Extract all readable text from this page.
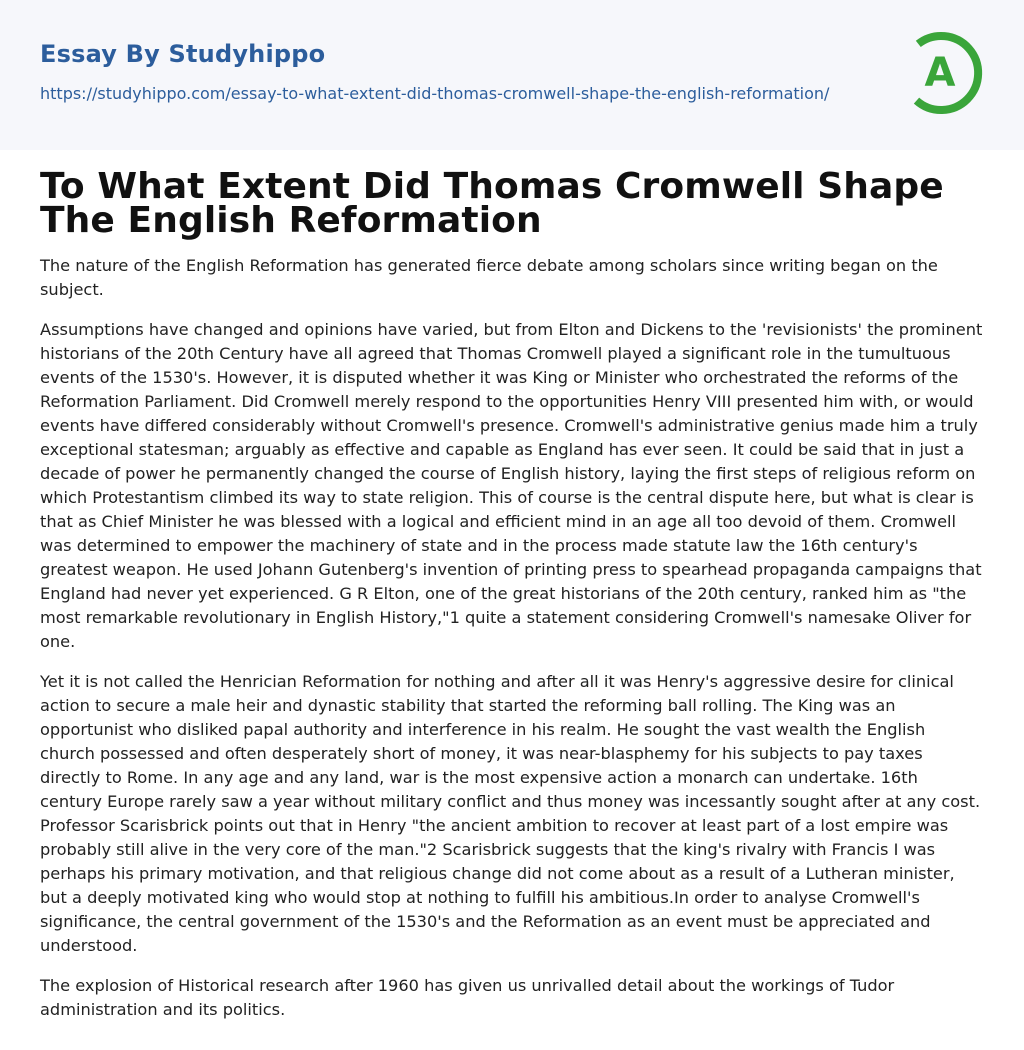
Essay By Studyhippo
https://studyhippo.com/essay-to-what-extent-did-thomas-cromwell-shape-the-english-reformation/ A
To What Extent Did Thomas Cromwell Shape The English Reformation

The nature of the English Reformation has generated fierce debate among scholars since writing began on the subject.

Assumptions have changed and opinions have varied, but from Elton and Dickens to the 'revisionists' the prominent historians of the 20th Century have all agreed that Thomas Cromwell played a significant role in the tumultuous events of the 1530's. However, it is disputed whether it was King or Minister who orchestrated the reforms of the Reformation Parliament. Did Cromwell merely respond to the opportunities Henry VIII presented him with, or would events have differed considerably without Cromwell's presence. Cromwell's administrative genius made him a truly exceptional statesman; arguably as effective and capable as England has ever seen. It could be said that in just a decade of power he permanently changed the course of English history, laying the first steps of religious reform on which Protestantism climbed its way to state religion. This of course is the central dispute here, but what is clear is that as Chief Minister he was blessed with a logical and efficient mind in an age all too devoid of them. Cromwell was determined to empower the machinery of state and in the process made statute law the 16th century's greatest weapon. He used Johann Gutenberg's invention of printing press to spearhead propaganda campaigns that England had never yet experienced. G R Elton, one of the great historians of the 20th century, ranked him as "the most remarkable revolutionary in English History,"1 quite a statement considering Cromwell's namesake Oliver for one.

Yet it is not called the Henrician Reformation for nothing and after all it was Henry's aggressive desire for clinical action to secure a male heir and dynastic stability that started the reforming ball rolling. The King was an opportunist who disliked papal authority and interference in his realm. He sought the vast wealth the English church possessed and often desperately short of money, it was near-blasphemy for his subjects to pay taxes directly to Rome. In any age and any land, war is the most expensive action a monarch can undertake. 16th century Europe rarely saw a year without military conflict and thus money was incessantly sought after at any cost. Professor Scarisbrick points out that in Henry "the ancient ambition to recover at least part of a lost empire was probably still alive in the very core of the man."2 Scarisbrick suggests that the king's rivalry with Francis I was perhaps his primary motivation, and that religious change did not come about as a result of a Lutheran minister, but a deeply motivated king who would stop at nothing to fulfill his ambitious.In order to analyse Cromwell's significance, the central government of the 1530's and the Reformation as an event must be appreciated and understood.

The explosion of Historical research after 1960 has given us unrivalled detail about the workings of Tudor administration and its politics.
